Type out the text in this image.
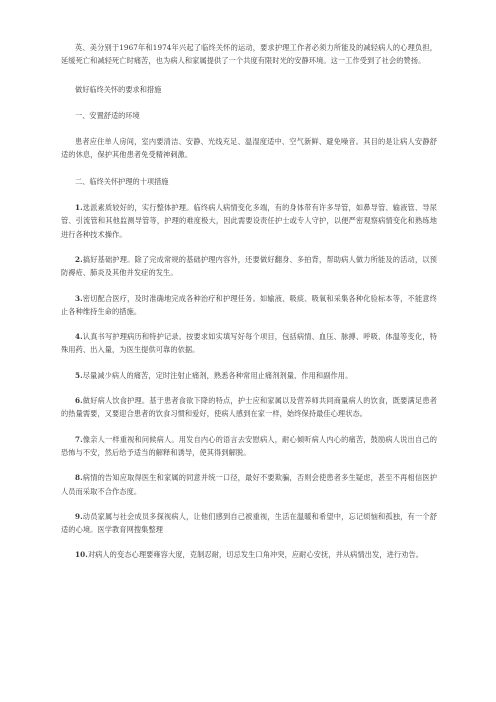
英、美分别于1967年和1974年兴起了临终关怀的运动，要求护理工作者必须力所能及的减轻病人的心理负担，延缓死亡和减轻死亡时痛苦，也为病人和家属提供了一个共度有限时光的安静环境。这一工作受到了社会的赞扬。

做好临终关怀的要求和措施

一、安置舒适的环境

患者应住单人房间，室内要清洁、安静、光线充足、温湿度适中、空气新鲜、避免噪音。其目的是让病人安静舒适的休息，保护其他患者免受精神刺激。

二、临终关怀护理的十项措施

1.选派素质较好的，实行整体护理。临终病人病情变化多端，有的身体带有许多导管，如鼻导管、输液管、导尿管、引流管和其他监测导管等，护理的难度极大，因此需要设责任护士或专人守护，以便严密观察病情变化和熟练地进行各种技术操作。

2.搞好基础护理。除了完成常规的基础护理内容外，还要做好翻身、多拍背，帮助病人做力所能及的活动，以预防褥疮、肺炎及其他并发症的发生。

3.密切配合医疗，及时准确地完成各种治疗和护理任务。如输液、吸痰、吸氧和采集各种化验标本等，不能意终止各种维持生命的措施。

4.认真书写护理病历和特护记录。按要求如实填写好每个项目，包括病情、血压、脉搏、呼吸、体温等变化，特殊用药、出入量，为医生提供可靠的依据。

5.尽量减少病人的痛苦，定时注射止痛剂，熟悉各种常用止痛剂剂量、作用和副作用。

6.做好病人饮食护理。基于患者食欲下降的特点，护士应和家属以及营养师共同商量病人的饮食，既要满足患者的热量需要，又要迎合患者的饮食习惯和爱好，使病人感到在家一样，始终保持最佳心理状态。

7.像亲人一样重视和问候病人。用发自内心的语言去安慰病人，耐心倾听病人内心的痛苦，鼓励病人说出自己的恐怖与不安，然后给予适当的解释和诱导，使其得到解脱。

8.病情的告知应取得医生和家属的同意并统一口径，最好不要欺骗，否则会使患者多生疑虑，甚至不再相信医护人员而采取不合作态度。

9.动员家属与社会成员多探视病人，让他们感到自己被重视，生活在温暖和希望中，忘记烦恼和孤独，有一个舒适的心境。医学教育网搜集整理

10.对病人的变态心理要雍容大度，克制忍耐，切忌发生口角冲突，应耐心安抚，并从病情出发，进行劝告。
